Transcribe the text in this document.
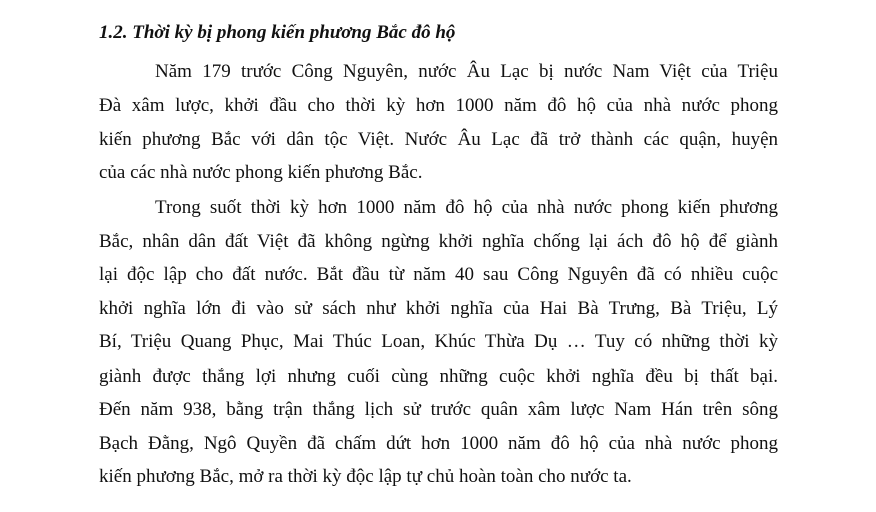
1.2. Thời kỳ bị phong kiến phương Bắc đô hộ
Năm 179 trước Công Nguyên, nước Âu Lạc bị nước Nam Việt của Triệu
Đà xâm lược, khởi đầu cho thời kỳ hơn 1000 năm đô hộ của nhà nước phong
kiến phương Bắc với dân tộc Việt. Nước Âu Lạc đã trở thành các quận, huyện
của các nhà nước phong kiến phương Bắc.
Trong suốt thời kỳ hơn 1000 năm đô hộ của nhà nước phong kiến phương
Bắc, nhân dân đất Việt đã không ngừng khởi nghĩa chống lại ách đô hộ để giành
lại độc lập cho đất nước. Bắt đầu từ năm 40 sau Công Nguyên đã có nhiều cuộc
khởi nghĩa lớn đi vào sử sách như khởi nghĩa của Hai Bà Trưng, Bà Triệu, Lý
Bí, Triệu Quang Phục, Mai Thúc Loan, Khúc Thừa Dụ … Tuy có những thời kỳ
giành được thắng lợi nhưng cuối cùng những cuộc khởi nghĩa đều bị thất bại.
Đến năm 938, bằng trận thắng lịch sử trước quân xâm lược Nam Hán trên sông
Bạch Đằng, Ngô Quyền đã chấm dứt hơn 1000 năm đô hộ của nhà nước phong
kiến phương Bắc, mở ra thời kỳ độc lập tự chủ hoàn toàn cho nước ta.
